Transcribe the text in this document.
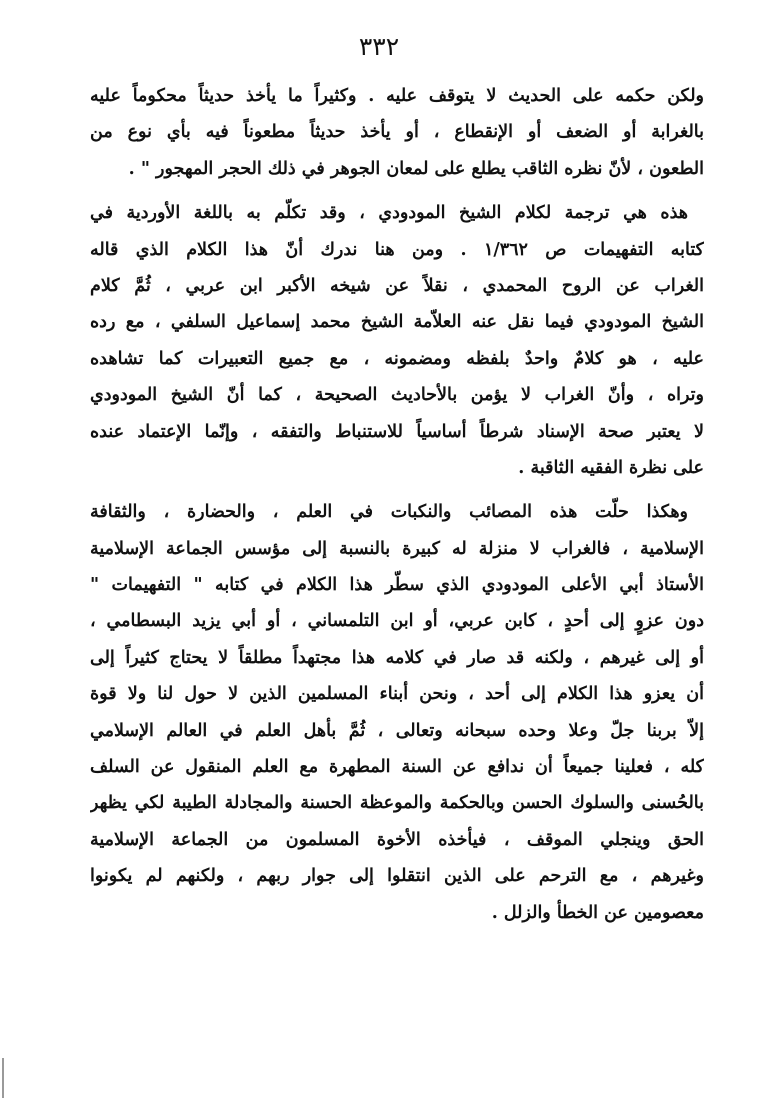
٣٣٢
ولكن حكمه على الحديث لا يتوقف عليه . وكثيراً ما يأخذ حديثاً محكوماً عليه
بالغرابة أو الضعف أو الإنقطاع ، أو يأخذ حديثاً مطعوناً فيه بأي نوع من
الطعون ، لأنّ نظره الثاقب يطلع على لمعان الجوهر في ذلك الحجر المهجور " .
هذه هي ترجمة لكلام الشيخ المودودي ، وقد تكلّم به باللغة الأوردية في
كتابه التفهيمات ص ١/٣٦٢ . ومن هنا ندرك أنّ هذا الكلام الذي قاله
الغراب عن الروح المحمدي ، نقلاً عن شيخه الأكبر ابن عربي ، ثُمَّ كلام
الشيخ المودودي فيما نقل عنه العلاّمة الشيخ محمد إسماعيل السلفي ، مع رده
عليه ، هو كلامٌ واحدٌ بلفظه ومضمونه ، مع جميع التعبيرات كما تشاهده
وتراه ، وأنّ الغراب لا يؤمن بالأحاديث الصحيحة ، كما أنّ الشيخ المودودي
لا يعتبر صحة الإسناد شرطاً أساسياً للاستنباط والتفقه ، وإنّما الإعتماد عنده
على نظرة الفقيه الثاقبة .
وهكذا حلّت هذه المصائب والنكبات في العلم ، والحضارة ، والثقافة
الإسلامية ، فالغراب لا منزلة له كبيرة بالنسبة إلى مؤسس الجماعة الإسلامية
الأستاذ أبي الأعلى المودودي الذي سطّر هذا الكلام في كتابه " التفهيمات "
دون عزوٍ إلى أحدٍ ، كابن عربي، أو ابن التلمساني ، أو أبي يزيد البسطامي ،
أو إلى غيرهم ، ولكنه قد صار في كلامه هذا مجتهداً مطلقاً لا يحتاج كثيراً إلى
أن يعزو هذا الكلام إلى أحد ، ونحن أبناء المسلمين الذين لا حول لنا ولا قوة
إلاّ بربنا جلّ وعلا وحده سبحانه وتعالى ، ثُمَّ بأهل العلم في العالم الإسلامي
كله ، فعلينا جميعاً أن ندافع عن السنة المطهرة مع العلم المنقول عن السلف
بالحُسنى والسلوك الحسن وبالحكمة والموعظة الحسنة والمجادلة الطيبة لكي يظهر
الحق وينجلي الموقف ، فيأخذه الأخوة المسلمون من الجماعة الإسلامية
وغيرهم ، مع الترحم على الذين انتقلوا إلى جوار ربهم ، ولكنهم لم يكونوا
معصومين عن الخطأ والزلل .
